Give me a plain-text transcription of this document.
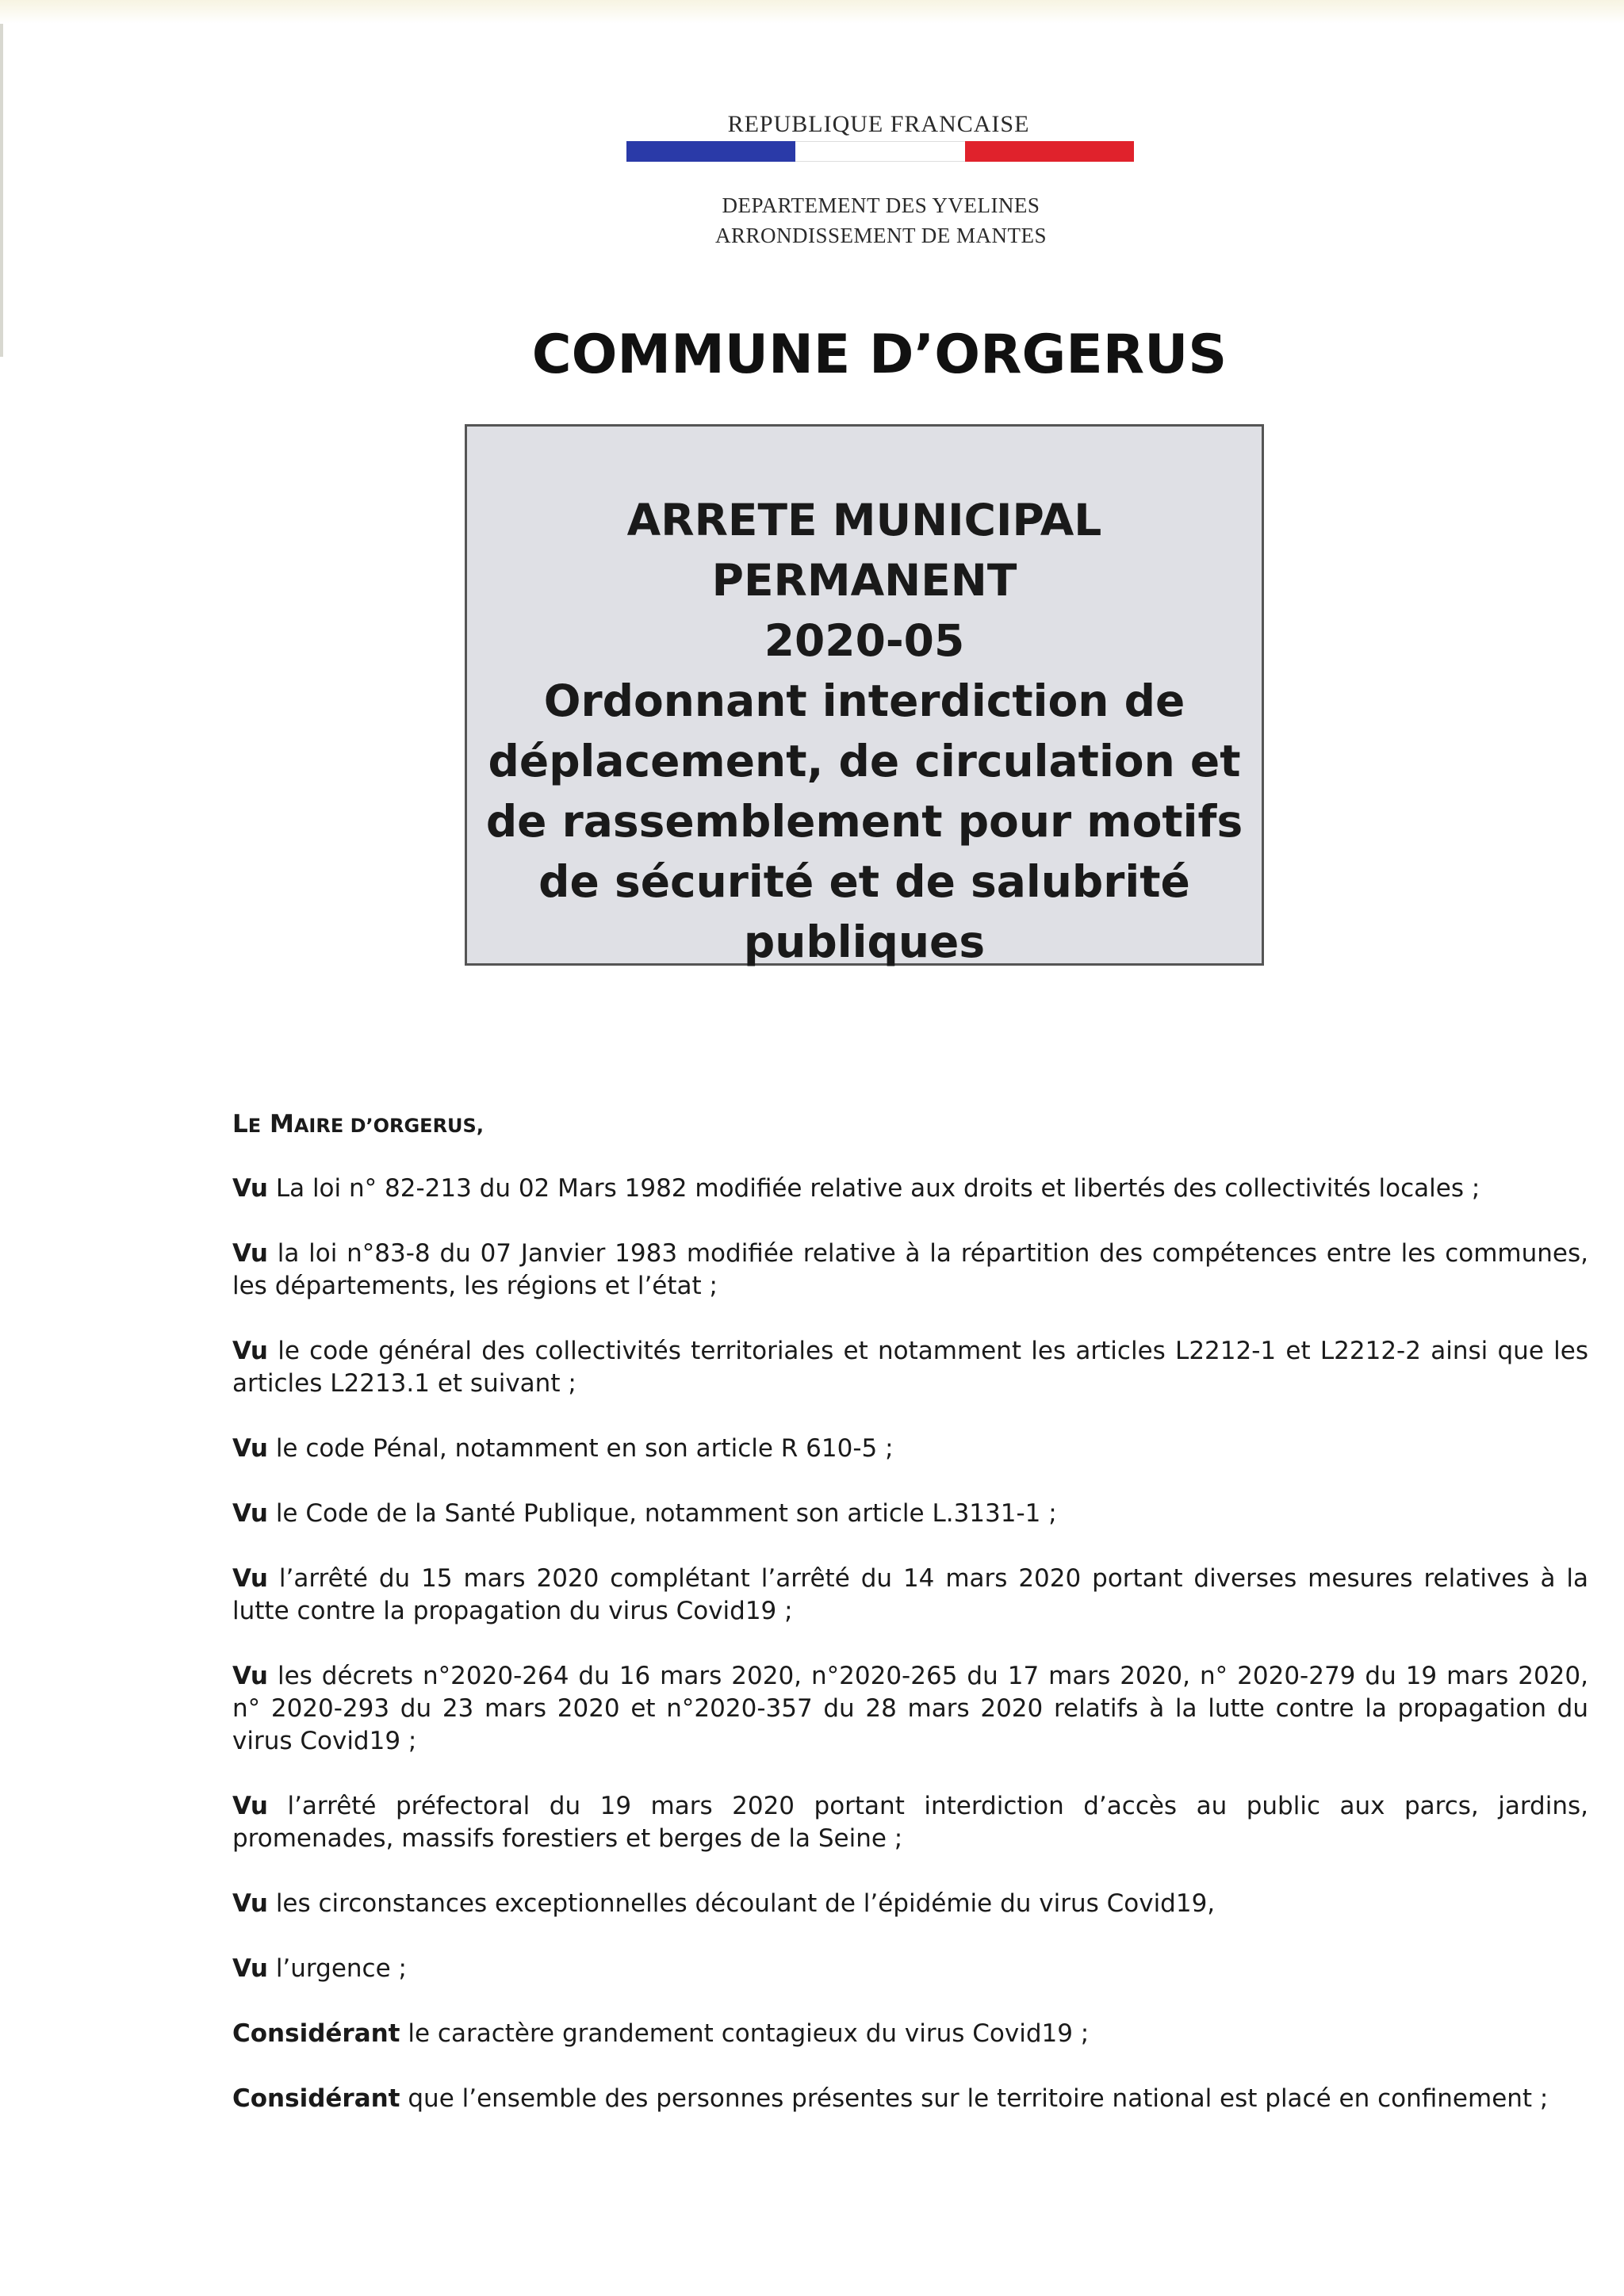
REPUBLIQUE FRANCAISE
DEPARTEMENT DES YVELINES
ARRONDISSEMENT DE MANTES
COMMUNE D’ORGERUS
ARRETE MUNICIPAL
PERMANENT
2020-05
Ordonnant interdiction de
déplacement, de circulation et
de rassemblement pour motifs
de sécurité et de salubrité
publiques
LE MAIRE D’ORGERUS,

Vu La loi n° 82-213 du 02 Mars 1982 modifiée relative aux droits et libertés des collectivités locales ;

Vu la loi n°83-8 du 07 Janvier 1983 modifiée relative à la répartition des compétences entre les communes, les départements, les régions et l’état ;

Vu le code général des collectivités territoriales et notamment les articles L2212-1 et L2212-2 ainsi que les articles L2213.1 et suivant ;

Vu le code Pénal, notamment en son article R 610-5 ;

Vu le Code de la Santé Publique, notamment son article L.3131-1 ;

Vu l’arrêté du 15 mars 2020 complétant l’arrêté du 14 mars 2020 portant diverses mesures relatives à la lutte contre la propagation du virus Covid19 ;

Vu les décrets n°2020-264 du 16 mars 2020, n°2020-265 du 17 mars 2020, n° 2020-279 du 19 mars 2020, n° 2020-293 du 23 mars 2020 et n°2020-357 du 28 mars 2020 relatifs à la lutte contre la propagation du virus Covid19 ;

Vu l’arrêté préfectoral du 19 mars 2020 portant interdiction d’accès au public aux parcs, jardins, promenades, massifs forestiers et berges de la Seine ;

Vu les circonstances exceptionnelles découlant de l’épidémie du virus Covid19,

Vu l’urgence ;

Considérant le caractère grandement contagieux du virus Covid19 ;

Considérant que l’ensemble des personnes présentes sur le territoire national est placé en confinement ;
